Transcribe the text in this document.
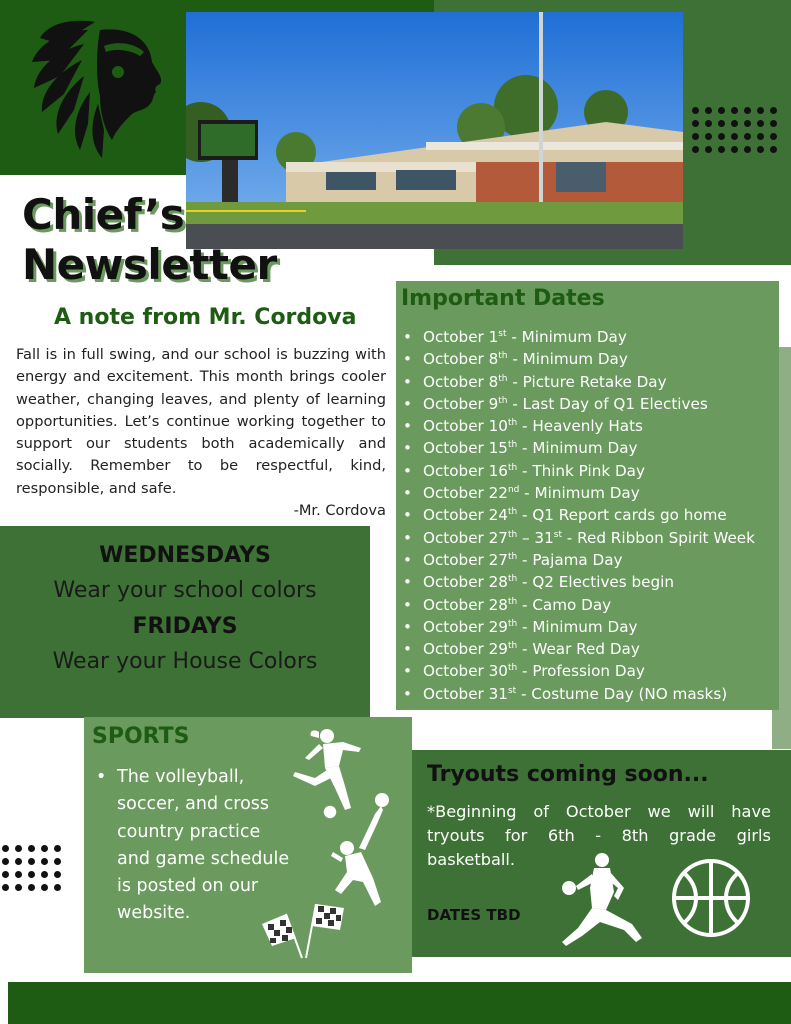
Chief’s
Newsletter
A note from Mr. Cordova
Fall is in full swing, and our school is buzzing with energy and excitement. This month brings cooler weather, changing leaves, and plenty of learning opportunities. Let’s continue working together to support our students both academically and socially. Remember to be respectful, kind, responsible, and safe.
-Mr. Cordova
Important Dates
• October 1st - Minimum Day
• October 8th - Minimum Day
• October 8th - Picture Retake Day
• October 9th - Last Day of Q1 Electives
• October 10th - Heavenly Hats
• October 15th - Minimum Day
• October 16th - Think Pink Day
• October 22nd - Minimum Day
• October 24th - Q1 Report cards go home
• October 27th – 31st - Red Ribbon Spirit Week
• October 27th - Pajama Day
• October 28th - Q2 Electives begin
• October 28th - Camo Day
• October 29th - Minimum Day
• October 29th - Wear Red Day
• October 30th - Profession Day
• October 31st - Costume Day (NO masks)
WEDNESDAYS
Wear your school colors
FRIDAYS
Wear your House Colors
SPORTS
• The volleyball, soccer, and cross country practice and game schedule is posted on our website.
Tryouts coming soon...
*Beginning of October we will have tryouts for 6th - 8th grade girls basketball.
DATES TBD
